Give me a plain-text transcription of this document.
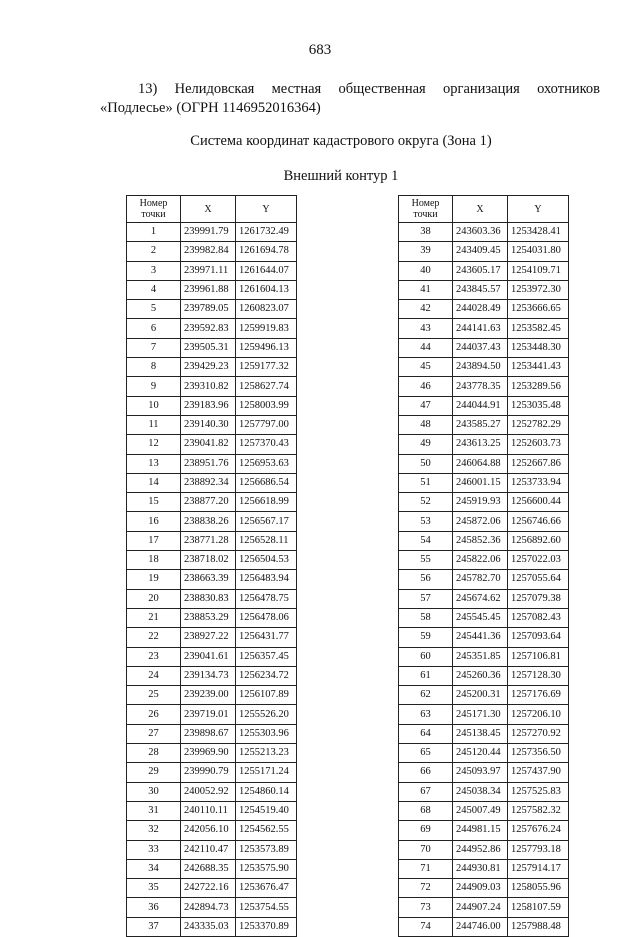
683
13) Нелидовская местная общественная организация охотников
«Подлесье» (ОГРН 1146952016364)
Система координат кадастрового округа (Зона 1)
Внешний контур 1
Номер точки	X	Y
1	239991.79	1261732.49
2	239982.84	1261694.78
3	239971.11	1261644.07
4	239961.88	1261604.13
5	239789.05	1260823.07
6	239592.83	1259919.83
7	239505.31	1259496.13
8	239429.23	1259177.32
9	239310.82	1258627.74
10	239183.96	1258003.99
11	239140.30	1257797.00
12	239041.82	1257370.43
13	238951.76	1256953.63
14	238892.34	1256686.54
15	238877.20	1256618.99
16	238838.26	1256567.17
17	238771.28	1256528.11
18	238718.02	1256504.53
19	238663.39	1256483.94
20	238830.83	1256478.75
21	238853.29	1256478.06
22	238927.22	1256431.77
23	239041.61	1256357.45
24	239134.73	1256234.72
25	239239.00	1256107.89
26	239719.01	1255526.20
27	239898.67	1255303.96
28	239969.90	1255213.23
29	239990.79	1255171.24
30	240052.92	1254860.14
31	240110.11	1254519.40
32	242056.10	1254562.55
33	242110.47	1253573.89
34	242688.35	1253575.90
35	242722.16	1253676.47
36	242894.73	1253754.55
37	243335.03	1253370.89
Номер точки	X	Y
38	243603.36	1253428.41
39	243409.45	1254031.80
40	243605.17	1254109.71
41	243845.57	1253972.30
42	244028.49	1253666.65
43	244141.63	1253582.45
44	244037.43	1253448.30
45	243894.50	1253441.43
46	243778.35	1253289.56
47	244044.91	1253035.48
48	243585.27	1252782.29
49	243613.25	1252603.73
50	246064.88	1252667.86
51	246001.15	1253733.94
52	245919.93	1256600.44
53	245872.06	1256746.66
54	245852.36	1256892.60
55	245822.06	1257022.03
56	245782.70	1257055.64
57	245674.62	1257079.38
58	245545.45	1257082.43
59	245441.36	1257093.64
60	245351.85	1257106.81
61	245260.36	1257128.30
62	245200.31	1257176.69
63	245171.30	1257206.10
64	245138.45	1257270.92
65	245120.44	1257356.50
66	245093.97	1257437.90
67	245038.34	1257525.83
68	245007.49	1257582.32
69	244981.15	1257676.24
70	244952.86	1257793.18
71	244930.81	1257914.17
72	244909.03	1258055.96
73	244907.24	1258107.59
74	244746.00	1257988.48
